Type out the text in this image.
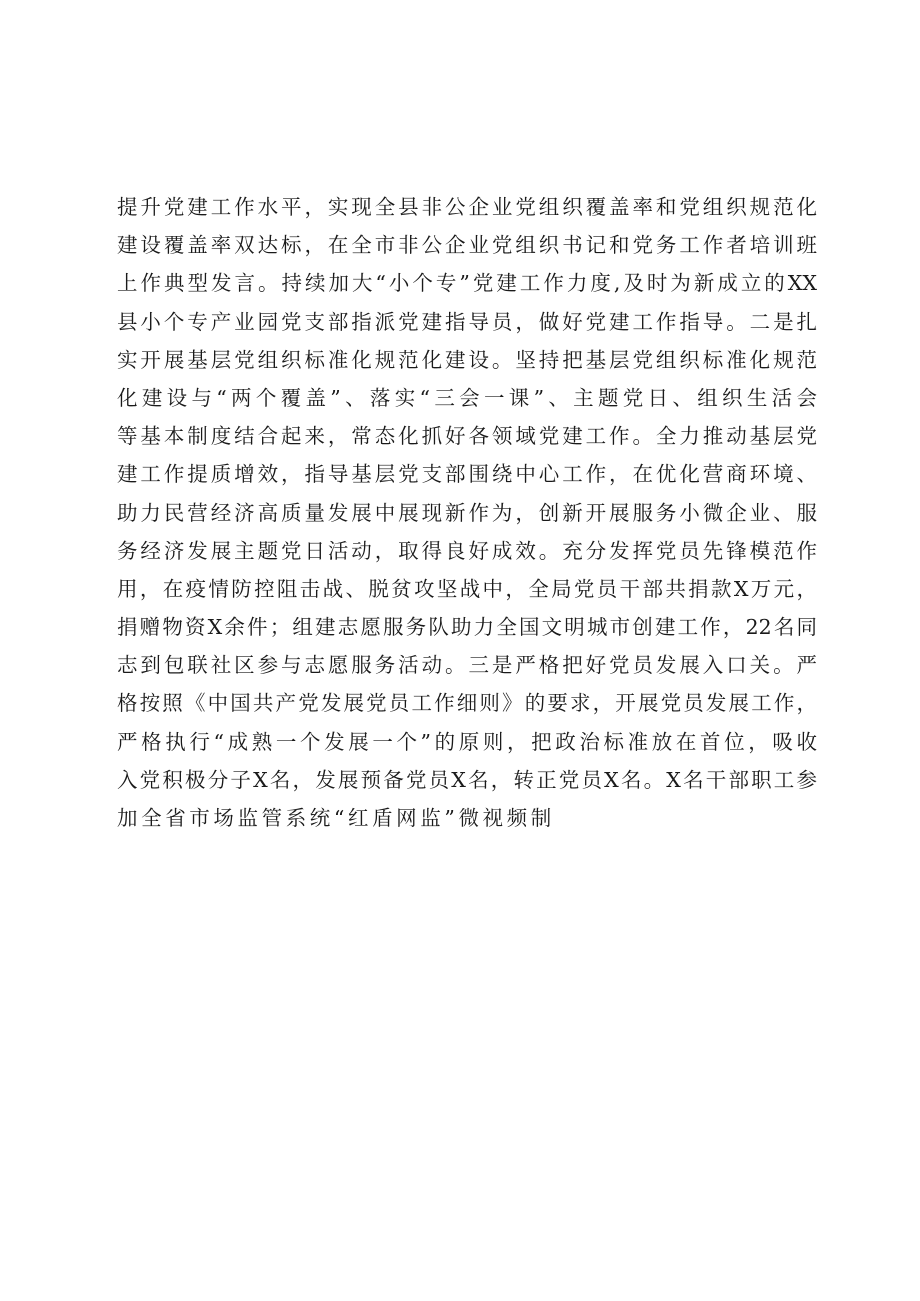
提升党建工作水平，实现全县非公企业党组织覆盖率和党组织规范化
建设覆盖率双达标，在全市非公企业党组织书记和党务工作者培训班
上作典型发言。持续加大“小个专”党建工作力度,及时为新成立的XX
县小个专产业园党支部指派党建指导员，做好党建工作指导。二是扎
实开展基层党组织标准化规范化建设。坚持把基层党组织标准化规范
化建设与“两个覆盖”、落实“三会一课”、主题党日、组织生活会
等基本制度结合起来，常态化抓好各领域党建工作。全力推动基层党
建工作提质增效，指导基层党支部围绕中心工作，在优化营商环境、
助力民营经济高质量发展中展现新作为，创新开展服务小微企业、服
务经济发展主题党日活动，取得良好成效。充分发挥党员先锋模范作
用，在疫情防控阻击战、脱贫攻坚战中，全局党员干部共捐款X万元，
捐赠物资X余件；组建志愿服务队助力全国文明城市创建工作，22名同
志到包联社区参与志愿服务活动。三是严格把好党员发展入口关。严
格按照《中国共产党发展党员工作细则》的要求，开展党员发展工作，
严格执行“成熟一个发展一个”的原则，把政治标准放在首位，吸收
入党积极分子X名，发展预备党员X名，转正党员X名。X名干部职工参
加全省市场监管系统“红盾网监”微视频制
